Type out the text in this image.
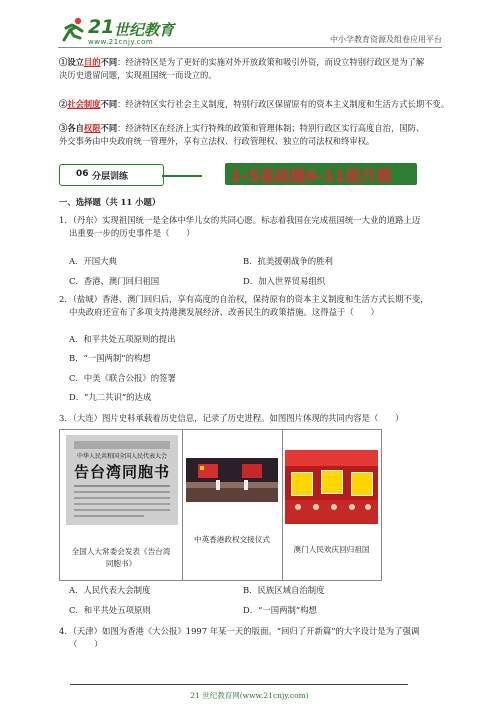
21 世纪教育
www.21cnjy.com	中小学教育资源及组卷应用平台
①设立目的不同：经济特区是为了更好的实施对外开放政策和吸引外资，而设立特别行政区是为了解
决历史遗留问题，实现祖国统一而设立的。
②社会制度不同：经济特区实行社会主义制度，特别行政区保留原有的资本主义制度和生活方式长期不变。
③各自权限不同：经济特区在经济上实行特殊的政策和管理体制；特别行政区实行高度自治，国防、
外交事务由中央政府统一管理外，享有立法权、行政管理权、独立的司法权和终审权。
06 分层训练	1-5基础题6-11提升题
一、选择题（共 11 小题）
1．（丹东）实现祖国统一是全体中华儿女的共同心愿。标志着我国在完成祖国统一大业的道路上迈
出重要一步的历史事件是（　　）
A．开国大典	B．抗美援朝战争的胜利
C．香港、澳门回归祖国	D．加入世界贸易组织
2．（盐城）香港、澳门回归后，享有高度的自治权，保持原有的资本主义制度和生活方式长期不变，
中央政府还宣布了多项支持港澳发展经济、改善民生的政策措施。这得益于（　　）
A．和平共处五项原则的提出
B．“一国两制”的构想
C．中美《联合公报》的签署
D．“九二共识”的达成
3．（大连）图片史料承载着历史信息，记录了历史进程。如图图片体现的共同内容是（　　）
中华人民共和国全国人民代表大会
告台湾同胞书
全国人大常委会发表《告台湾
同胞书》
中英香港政权交接仪式
澳门人民欢庆回归祖国
A．人民代表大会制度	B．民族区域自治制度
C．和平共处五项原则	D．“一国两制”构想
4．（天津）如图为香港《大公报》1997 年某一天的版面。“回归了开新篇”的大字设计是为了强调
（　　）
21 世纪教育网(www.21cnjy.com)
